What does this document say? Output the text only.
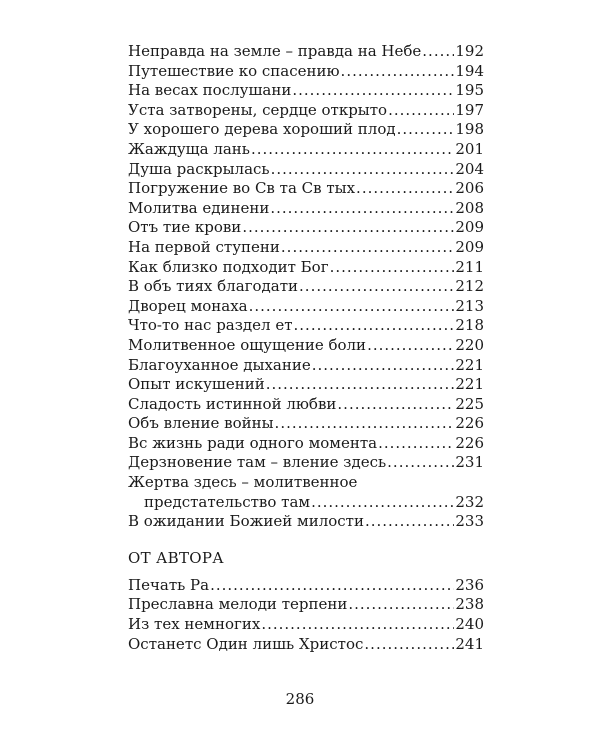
Неправда на земле – правда на Небе ..... 192
Путешествие ко спасению .....	194
На весах послушани .....	195
Уста затворены, сердце открыто .....	197
У хорошего дерева хороший плод .....	198
Жаждуща лань .....	201
Душа раскрылась .....	204
Погружение во Св та Св тых .....	206
Молитва единени .....	208
Отъ тие крови .....	209
На первой ступени .....	209
Как близко подходит Бог .....	211
В объ тиях благодати .....	212
Дворец монаха .....	213
Что-то нас раздел ет .....	218
Молитвенное ощущение боли .....	220
Благоуханное дыхание .....	221
Опыт искушений .....	221
Сладость истинной любви .....	225
Объ вление войны .....	226
Вс жизнь ради одного момента .....	226
Дерзновение там – вление здесь .....	231
Жертва здесь – молитвенное
предстательство там .....	232
В ожидании Божией милости .....	233
ОТ АВТОРА
Печать Ра .....	236
Преславна мелоди терпени .....	238
Из тех немногих .....	240
Останетс Один лишь Христос .....	241
286
